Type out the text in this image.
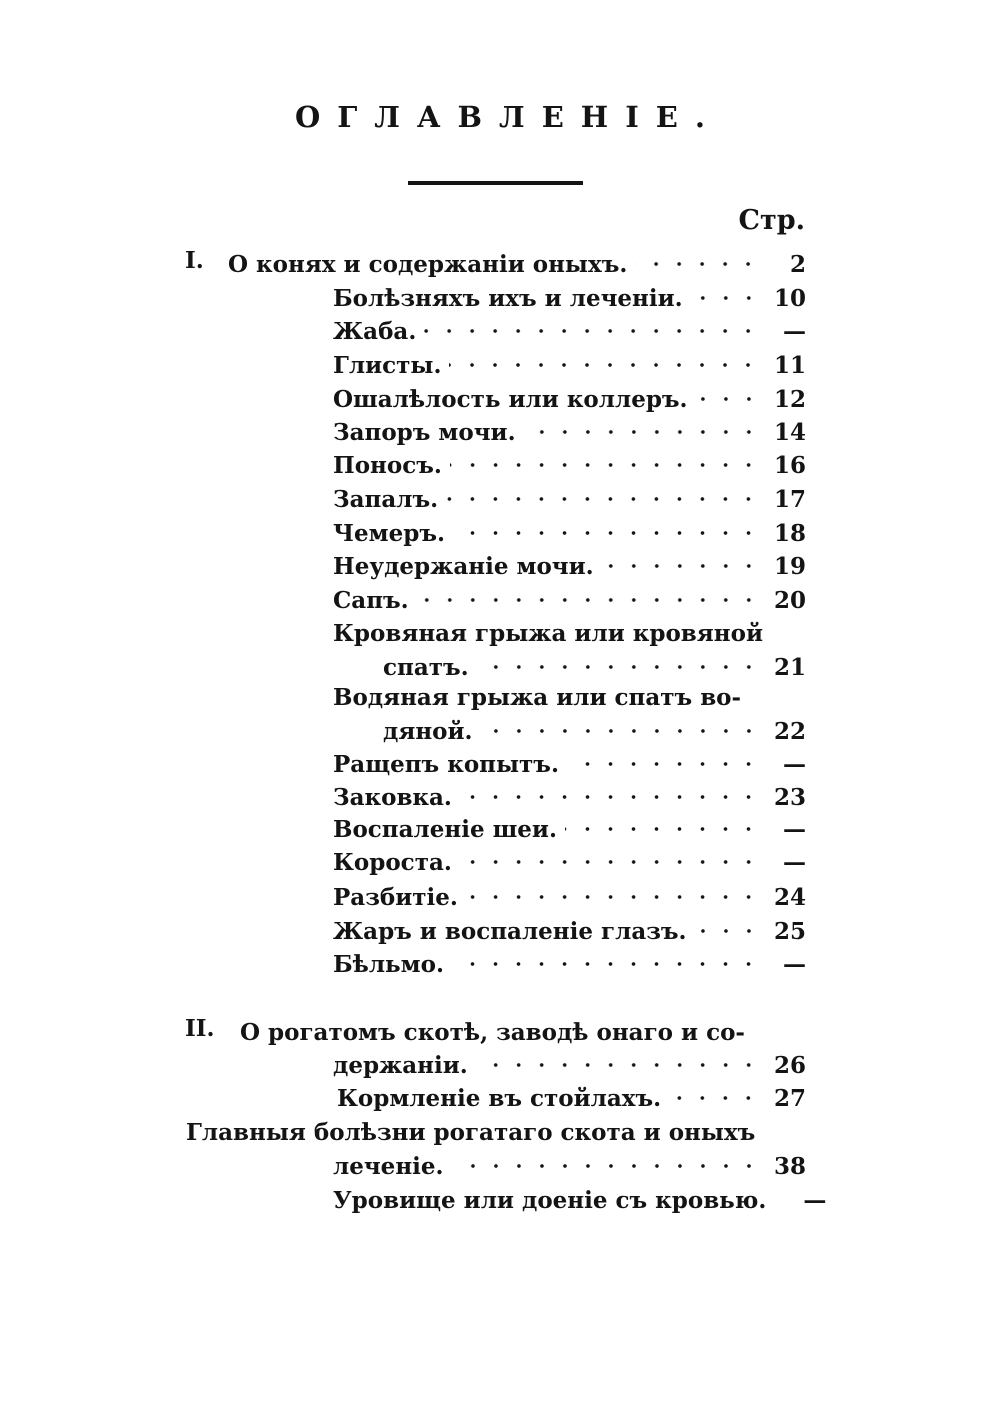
ОГЛАВЛЕНІЕ.
Стр.
I. О конях и содержаніи оныхъ.	2
Болѣзняхъ ихъ и леченіи.	10
Жаба.	—
Глисты.	11
Ошалѣлость или коллеръ.	12
Запоръ мочи.	14
Поносъ.	16
Запалъ.	17
Чемеръ.	18
Неудержаніе мочи.	19
Сапъ.	20
Кровяная грыжа или кровяной
спатъ.	21
Водяная грыжа или спатъ во-
дяной.	22
Ращепъ копытъ.	—
Заковка.	23
Воспаленіе шеи.	—
Короста.	—
Разбитіе.	24
Жаръ и воспаленіе глазъ.	25
Бѣльмо.	—
II. О рогатомъ скотѣ, заводѣ онаго и со-
держаніи.	26
Кормленіе въ стойлахъ.	27
Главныя болѣзни рогатаго скота и оныхъ
леченіе.	38
Уровище или доеніе съ кровью.	—
